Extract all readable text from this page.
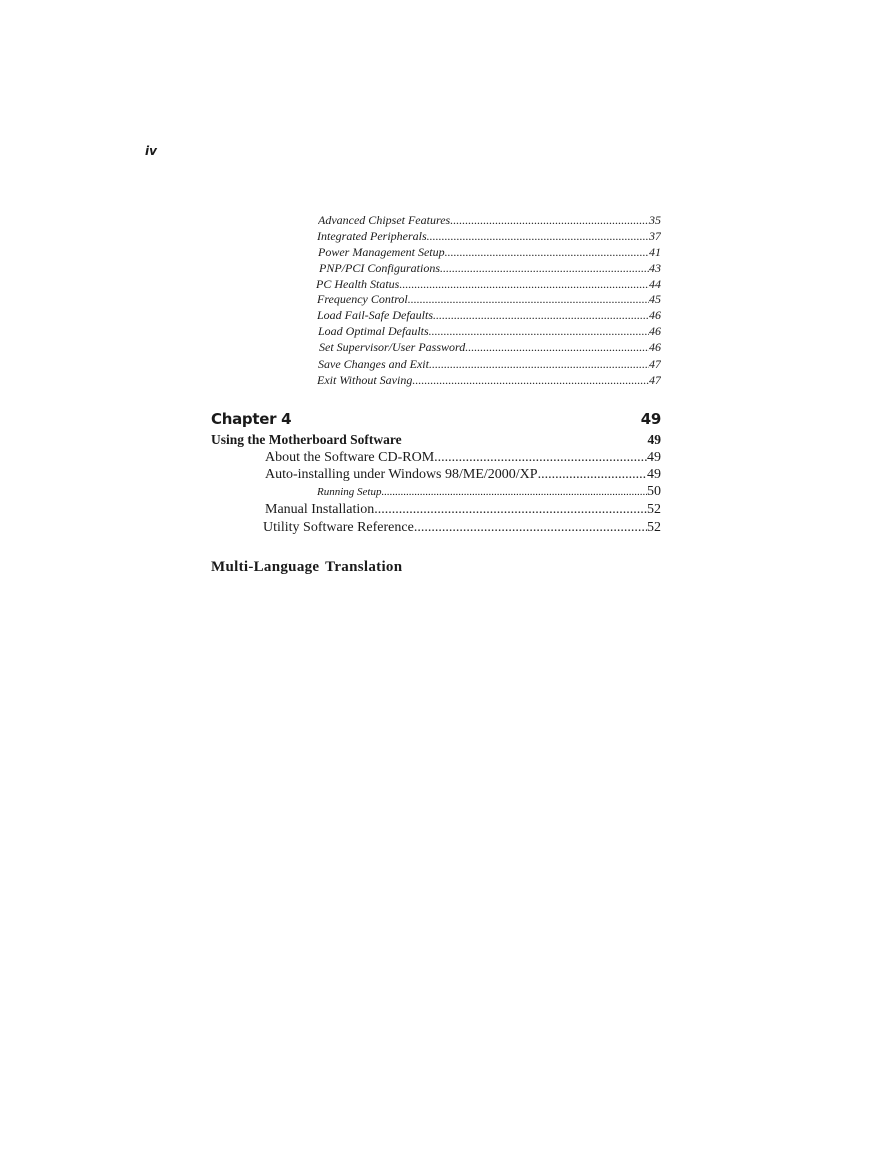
iv
Advanced Chipset Features .....	35
Integrated Peripherals .....	37
Power Management Setup .....	41
PNP/PCI Configurations .....	43
PC Health Status .....	44
Frequency Control .....	45
Load Fail-Safe Defaults .....	46
Load Optimal Defaults .....	46
Set Supervisor/User Password .....	46
Save Changes and Exit .....	47
Exit Without Saving .....	47
Chapter 4	49
Using the Motherboard Software	49
About the Software CD-ROM .....	49
Auto-installing under Windows 98/ME/2000/XP .....	49
Running Setup .....	50
Manual Installation .....	52
Utility Software Reference .....	52
Multi-Language Translation
